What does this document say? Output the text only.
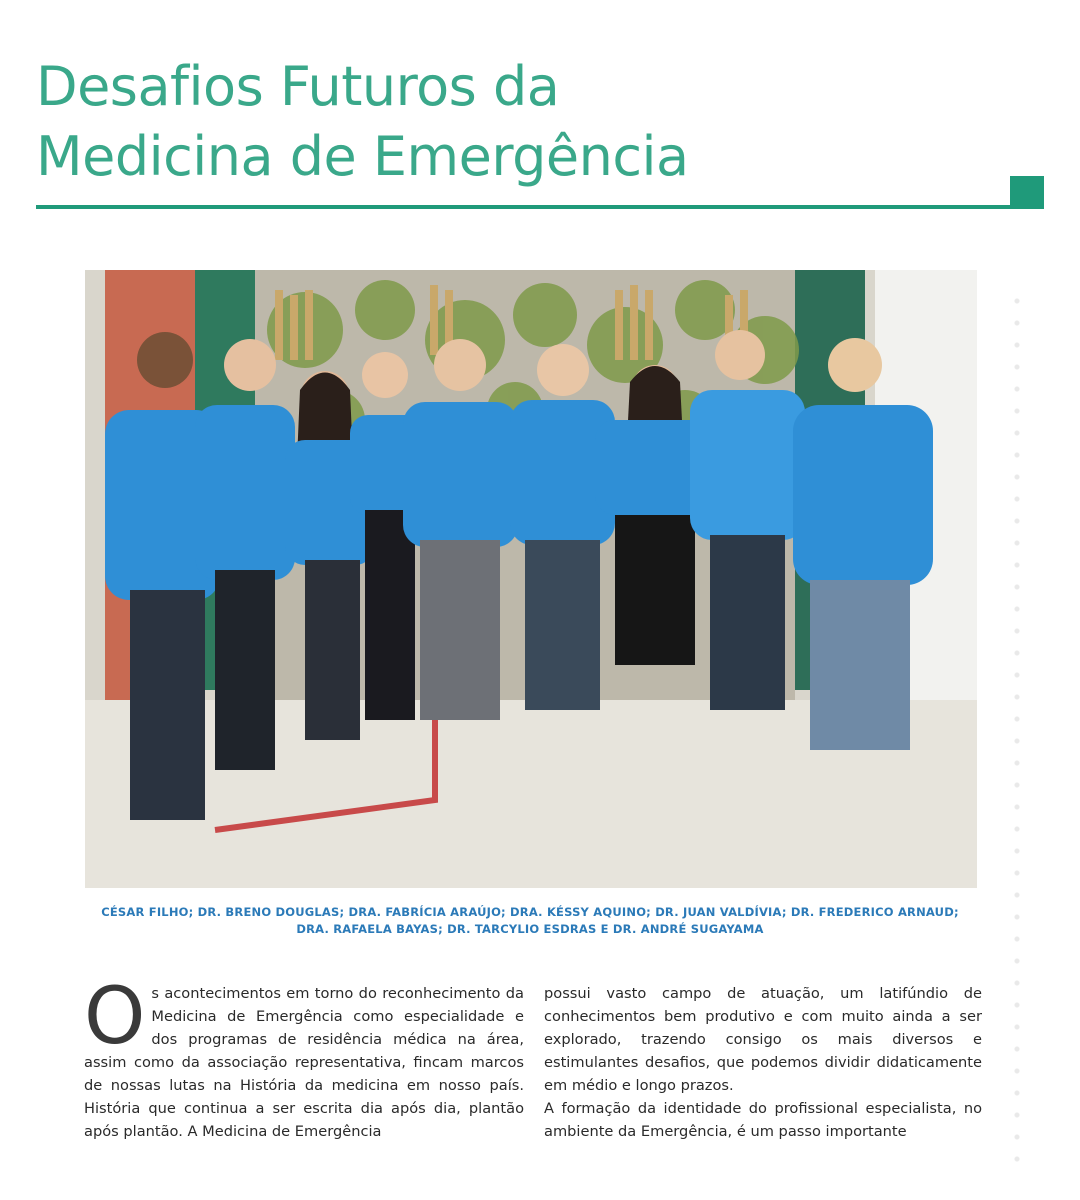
Desafios Futuros da
Medicina de Emergência

CÉSAR FILHO; DR. BRENO DOUGLAS; DRA. FABRÍCIA ARAÚJO; DRA. KÉSSY AQUINO; DR. JUAN VALDÍVIA; DR. FREDERICO ARNAUD;
DRA. RAFAELA BAYAS; DR. TARCYLIO ESDRAS E DR. ANDRÉ SUGAYAMA

Os acontecimentos em torno do reconhecimento da Medicina de Emergência como especialidade e dos programas de residência médica na área, assim como da associação representativa, fincam marcos de nossas lutas na História da medicina em nosso país. História que continua a ser escrita dia após dia, plantão após plantão. A Medicina de Emergência

possui vasto campo de atuação, um latifúndio de conhecimentos bem produtivo e com muito ainda a ser explorado, trazendo consigo os mais diversos e estimulantes desafios, que podemos dividir didaticamente em médio e longo prazos.

A formação da identidade do profissional especialista, no ambiente da Emergência, é um passo importante
